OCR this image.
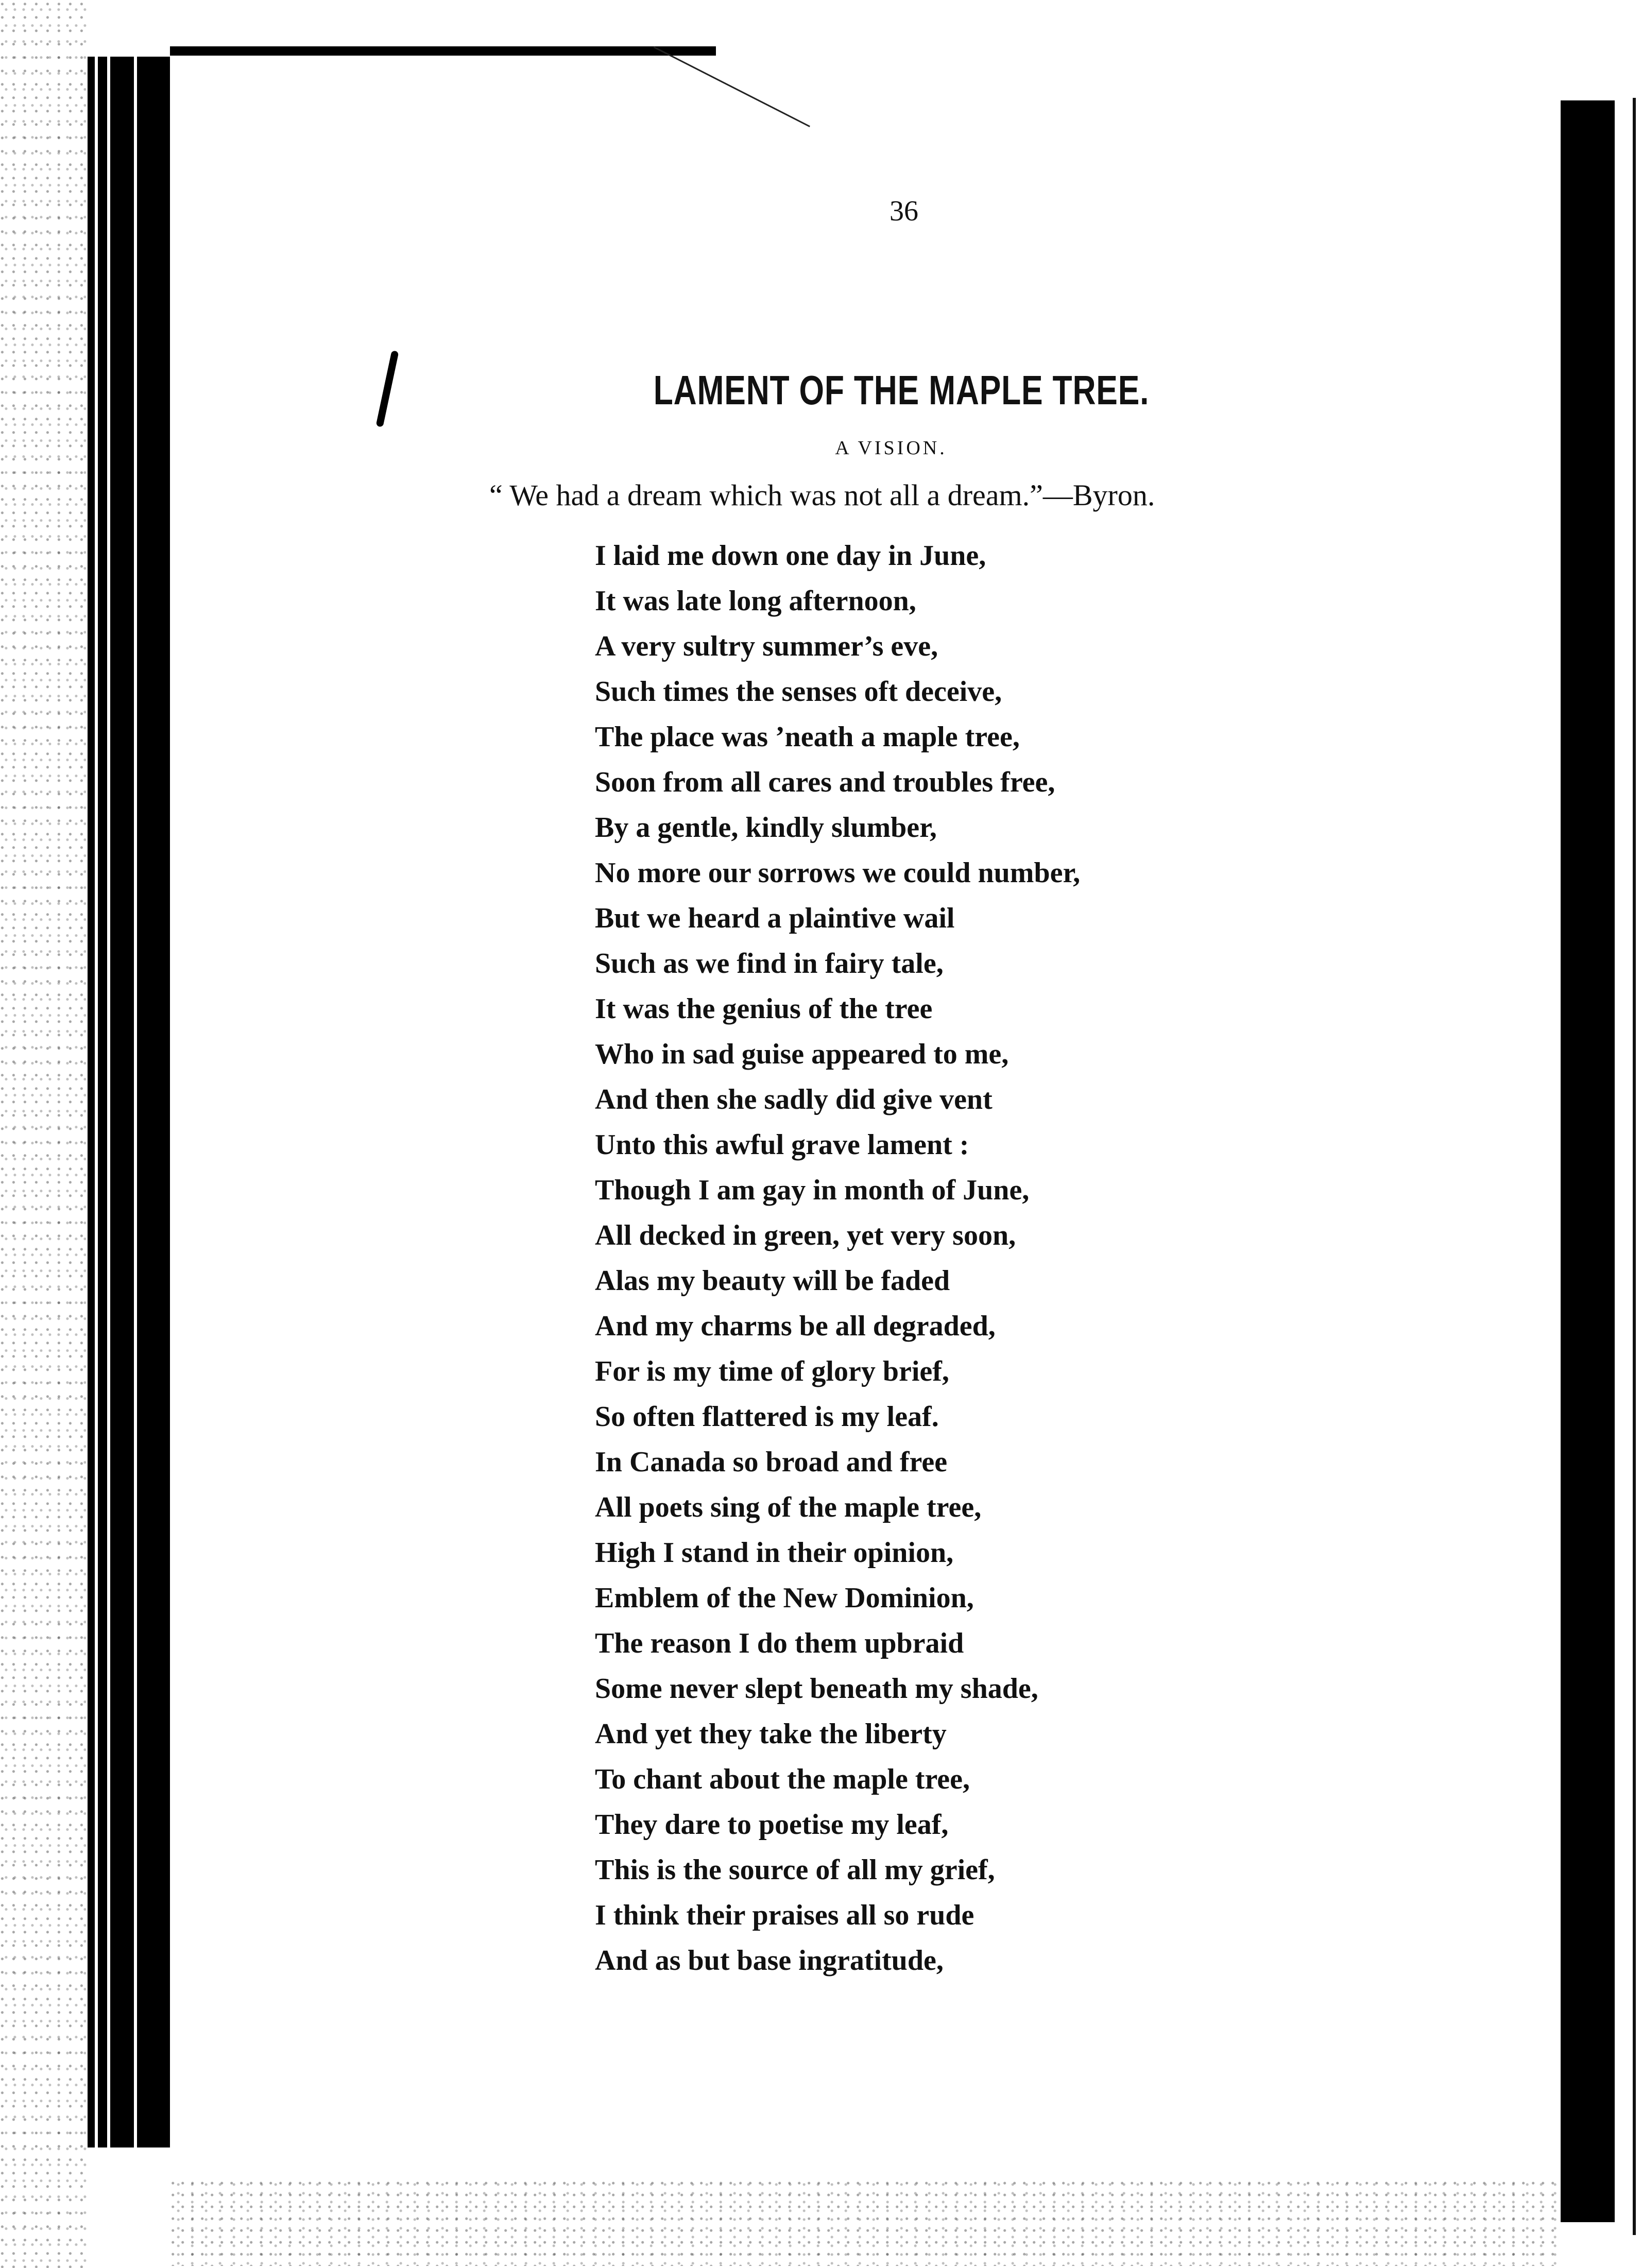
36
LAMENT OF THE MAPLE TREE.
A VISION.
“ We had a dream which was not all a dream.”—Byron.
I laid me down one day in June,
It was late long afternoon,
A very sultry summer’s eve,
Such times the senses oft deceive,
The place was ’neath a maple tree,
Soon from all cares and troubles free,
By a gentle, kindly slumber,
No more our sorrows we could number,
But we heard a plaintive wail
Such as we find in fairy tale,
It was the genius of the tree
Who in sad guise appeared to me,
And then she sadly did give vent
Unto this awful grave lament :
Though I am gay in month of June,
All decked in green, yet very soon,
Alas my beauty will be faded
And my charms be all degraded,
For is my time of glory brief,
So often flattered is my leaf.
In Canada so broad and free
All poets sing of the maple tree,
High I stand in their opinion,
Emblem of the New Dominion,
The reason I do them upbraid
Some never slept beneath my shade,
And yet they take the liberty
To chant about the maple tree,
They dare to poetise my leaf,
This is the source of all my grief,
I think their praises all so rude
And as but base ingratitude,
